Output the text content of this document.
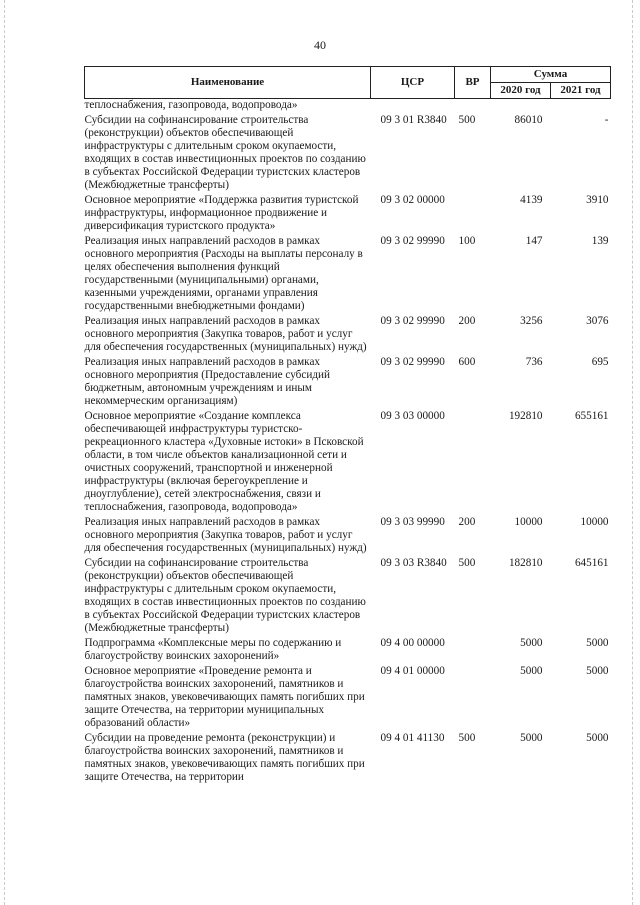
40
Наименование	ЦСР	ВР	Сумма	
			2020 год	2021 год
теплоснабжения, газопровода, водопровода»				
Субсидии на софинансирование строительства (реконструкции) объектов обеспечивающей инфраструктуры с длительным сроком окупаемости, входящих в состав инвестиционных проектов по созданию в субъектах Российской Федерации туристских кластеров (Межбюджетные трансферты)	09 3 01 R3840	500	86010	-
Основное мероприятие «Поддержка развития туристской инфраструктуры, информационное продвижение и диверсификация туристского продукта»	09 3 02 00000		4139	3910
Реализация иных направлений расходов в рамках основного мероприятия (Расходы на выплаты персоналу в целях обеспечения выполнения функций государственными (муниципальными) органами, казенными учреждениями, органами управления государственными внебюджетными фондами)	09 3 02 99990	100	147	139
Реализация иных направлений расходов в рамках основного мероприятия (Закупка товаров, работ и услуг для обеспечения государственных (муниципальных) нужд)	09 3 02 99990	200	3256	3076
Реализация иных направлений расходов в рамках основного мероприятия (Предоставление субсидий бюджетным, автономным учреждениям и иным некоммерческим организациям)	09 3 02 99990	600	736	695
Основное мероприятие «Создание комплекса обеспечивающей инфраструктуры туристско-рекреационного кластера «Духовные истоки» в Псковской области, в том числе объектов канализационной сети и очистных сооружений, транспортной и инженерной инфраструктуры (включая берегоукрепление и дноуглубление), сетей электроснабжения, связи и теплоснабжения, газопровода, водопровода»	09 3 03 00000		192810	655161
Реализация иных направлений расходов в рамках основного мероприятия (Закупка товаров, работ и услуг для обеспечения государственных (муниципальных) нужд)	09 3 03 99990	200	10000	10000
Субсидии на софинансирование строительства (реконструкции) объектов обеспечивающей инфраструктуры с длительным сроком окупаемости, входящих в состав инвестиционных проектов по созданию в субъектах Российской Федерации туристских кластеров (Межбюджетные трансферты)	09 3 03 R3840	500	182810	645161
Подпрограмма «Комплексные меры по содержанию и благоустройству воинских захоронений»	09 4 00 00000		5000	5000
Основное мероприятие «Проведение ремонта и благоустройства воинских захоронений, памятников и памятных знаков, увековечивающих память погибших при защите Отечества, на территории муниципальных образований области»	09 4 01 00000		5000	5000
Субсидии на проведение ремонта (реконструкции) и благоустройства воинских захоронений, памятников и памятных знаков, увековечивающих память погибших при защите Отечества, на территории	09 4 01 41130	500	5000	5000
